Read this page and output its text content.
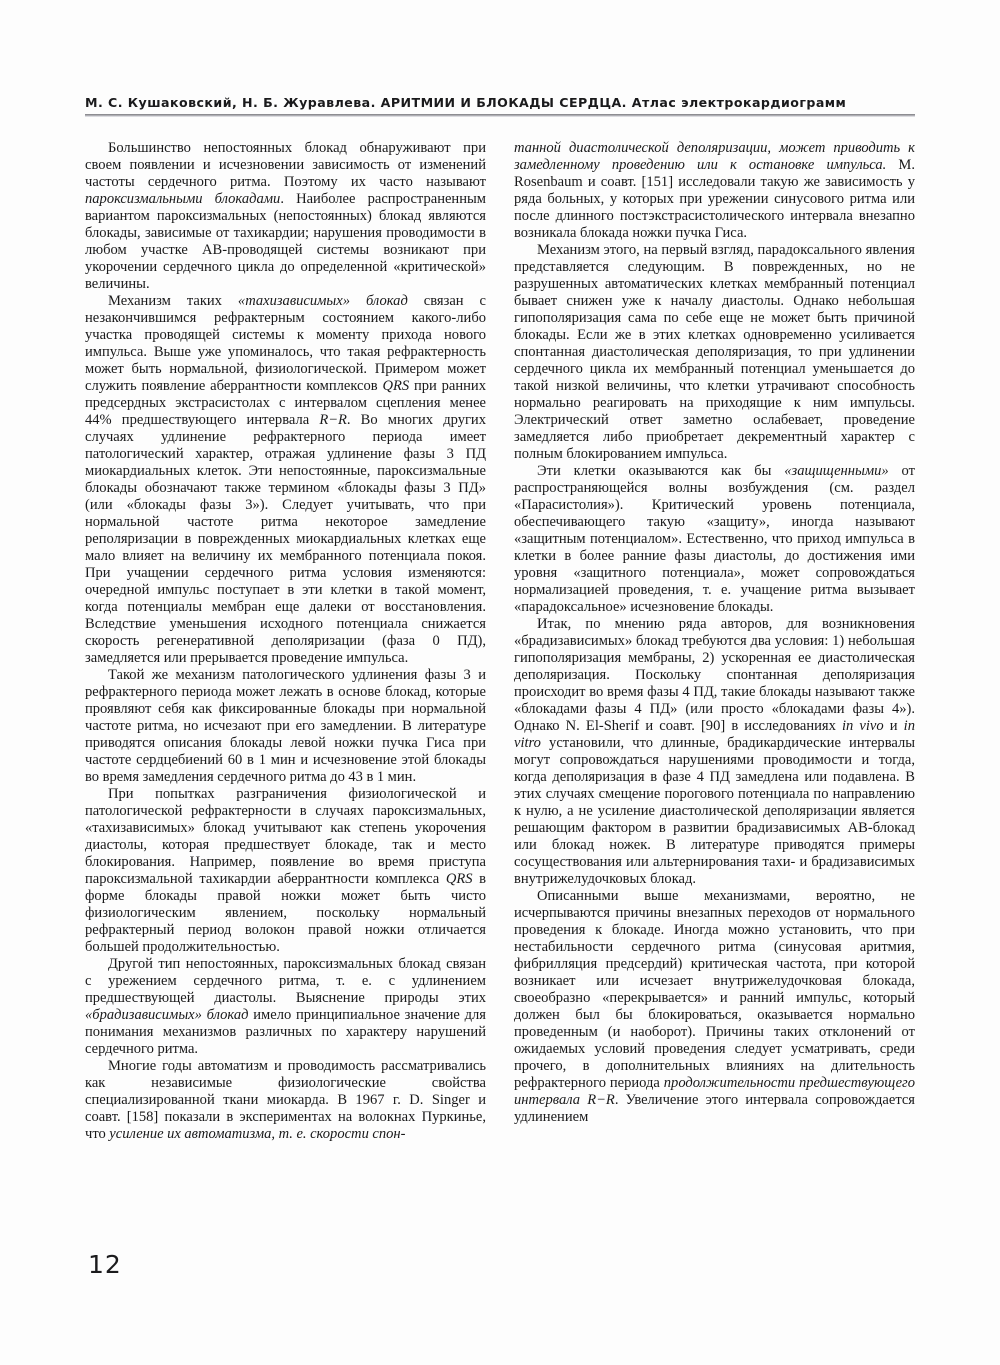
М. С. Кушаковский, Н. Б. Журавлева. АРИТМИИ И БЛОКАДЫ СЕРДЦА. Атлас электрокардиограмм

Большинство непостоянных блокад обнаруживают при своем появлении и исчезновении зависимость от изменений частоты сердечного ритма. Поэтому их часто называют пароксизмальными блокадами. Наиболее распространенным вариантом пароксизмальных (непостоянных) блокад являются блокады, зависимые от тахикардии; нарушения проводимости в любом участке АВ-проводящей системы возникают при укорочении сердечного цикла до определенной «критической» величины.

Механизм таких «тахизависимых» блокад связан с незакончившимся рефрактерным состоянием какого-либо участка проводящей системы к моменту прихода нового импульса. Выше уже упоминалось, что такая рефрактерность может быть нормальной, физиологической. Примером может служить появление аберрантности комплексов QRS при ранних предсердных экстрасистолах с интервалом сцепления менее 44% предшествующего интервала R−R. Во многих других случаях удлинение рефрактерного периода имеет патологический характер, отражая удлинение фазы 3 ПД миокардиальных клеток. Эти непостоянные, пароксизмальные блокады обозначают также термином «блокады фазы 3 ПД» (или «блокады фазы 3»). Следует учитывать, что при нормальной частоте ритма некоторое замедление реполяризации в поврежденных миокардиальных клетках еще мало влияет на величину их мембранного потенциала покоя. При учащении сердечного ритма условия изменяются: очередной импульс поступает в эти клетки в такой момент, когда потенциалы мембран еще далеки от восстановления. Вследствие уменьшения исходного потенциала снижается скорость регенеративной деполяризации (фаза 0 ПД), замедляется или прерывается проведение импульса.

Такой же механизм патологического удлинения фазы 3 и рефрактерного периода может лежать в основе блокад, которые проявляют себя как фиксированные блокады при нормальной частоте ритма, но исчезают при его замедлении. В литературе приводятся описания блокады левой ножки пучка Гиса при частоте сердцебиений 60 в 1 мин и исчезновение этой блокады во время замедления сердечного ритма до 43 в 1 мин.

При попытках разграничения физиологической и патологической рефрактерности в случаях пароксизмальных, «тахизависимых» блокад учитывают как степень укорочения диастолы, которая предшествует блокаде, так и место блокирования. Например, появление во время приступа пароксизмальной тахикардии аберрантности комплекса QRS в форме блокады правой ножки может быть чисто физиологическим явлением, поскольку нормальный рефрактерный период волокон правой ножки отличается большей продолжительностью.

Другой тип непостоянных, пароксизмальных блокад связан с урежением сердечного ритма, т. е. с удлинением предшествующей диастолы. Выяснение природы этих «брадизависимых» блокад имело принципиальное значение для понимания механизмов различных по характеру нарушений сердечного ритма.

Многие годы автоматизм и проводимость рассматривались как независимые физиологические свойства специализированной ткани миокарда. В 1967 г. D. Singer и соавт. [158] показали в экспериментах на волокнах Пуркинье, что усиление их автоматизма, т. е. скорости спон-

танной диастолической деполяризации, может приводить к замедленному проведению или к остановке импульса. M. Rosenbaum и соавт. [151] исследовали такую же зависимость у ряда больных, у которых при урежении синусового ритма или после длинного постэкстрасистолического интервала внезапно возникала блокада ножки пучка Гиса.

Механизм этого, на первый взгляд, парадоксального явления представляется следующим. В поврежденных, но не разрушенных автоматических клетках мембранный потенциал бывает снижен уже к началу диастолы. Однако небольшая гипополяризация сама по себе еще не может быть причиной блокады. Если же в этих клетках одновременно усиливается спонтанная диастолическая деполяризация, то при удлинении сердечного цикла их мембранный потенциал уменьшается до такой низкой величины, что клетки утрачивают способность нормально реагировать на приходящие к ним импульсы. Электрический ответ заметно ослабевает, проведение замедляется либо приобретает декрементный характер с полным блокированием импульса.

Эти клетки оказываются как бы «защищенными» от распространяющейся волны возбуждения (см. раздел «Парасистолия»). Критический уровень потенциала, обеспечивающего такую «защиту», иногда называют «защитным потенциалом». Естественно, что приход импульса в клетки в более ранние фазы диастолы, до достижения ими уровня «защитного потенциала», может сопровождаться нормализацией проведения, т. е. учащение ритма вызывает «парадоксальное» исчезновение блокады.

Итак, по мнению ряда авторов, для возникновения «брадизависимых» блокад требуются два условия: 1) небольшая гипополяризация мембраны, 2) ускоренная ее диастолическая деполяризация. Поскольку спонтанная деполяризация происходит во время фазы 4 ПД, такие блокады называют также «блокадами фазы 4 ПД» (или просто «блокадами фазы 4»). Однако N. El-Sherif и соавт. [90] в исследованиях in vivo и in vitro установили, что длинные, брадикардические интервалы могут сопровождаться нарушениями проводимости и тогда, когда деполяризация в фазе 4 ПД замедлена или подавлена. В этих случаях смещение порогового потенциала по направлению к нулю, а не усиление диастолической деполяризации является решающим фактором в развитии брадизависимых АВ-блокад или блокад ножек. В литературе приводятся примеры сосуществования или альтернирования тахи- и брадизависимых внутрижелудочковых блокад.

Описанными выше механизмами, вероятно, не исчерпываются причины внезапных переходов от нормального проведения к блокаде. Иногда можно установить, что при нестабильности сердечного ритма (синусовая аритмия, фибрилляция предсердий) критическая частота, при которой возникает или исчезает внутрижелудочковая блокада, своеобразно «перекрывается» и ранний импульс, который должен был бы блокироваться, оказывается нормально проведенным (и наоборот). Причины таких отклонений от ожидаемых условий проведения следует усматривать, среди прочего, в дополнительных влияниях на длительность рефрактерного периода продолжительности предшествующего интервала R−R. Увеличение этого интервала сопровождается удлинением

12
